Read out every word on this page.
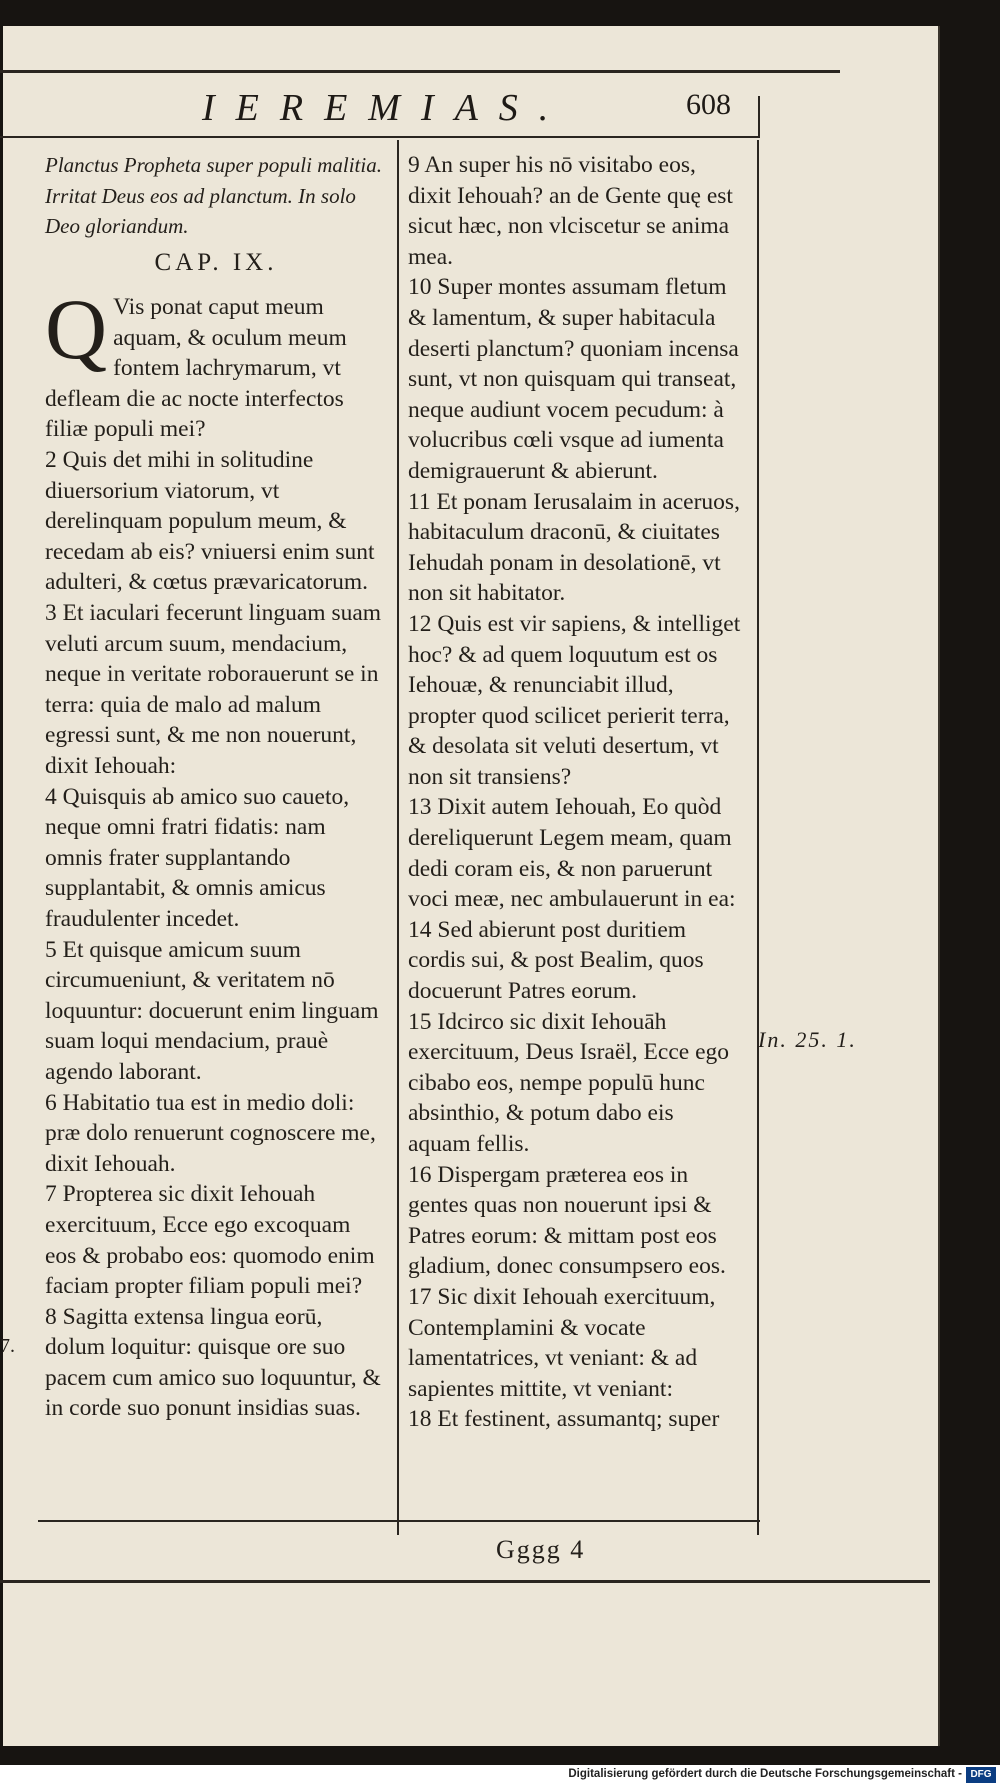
IEREMIAS.	608

Planctus Propheta super populi malitia. Irritat Deus eos ad planctum. In solo Deo gloriandum.

CAP. IX.

Q Vis ponat caput meum aquam, & oculum meum fontem lachrymarum, vt defleam die ac nocte interfectos filiæ populi mei?

2 Quis det mihi in solitudine diuersorium viatorum, vt derelinquam populum meum, & recedam ab eis? vniuersi enim sunt adulteri, & cœtus prævaricatorum.

3 Et iaculari fecerunt linguam suam veluti arcum suum, mendacium, neque in veritate roborauerunt se in terra: quia de malo ad malum egressi sunt, & me non nouerunt, dixit Iehouah:

4 Quisquis ab amico suo caueto, neque omni fratri fidatis: nam omnis frater supplantando supplantabit, & omnis amicus fraudulenter incedet.

5 Et quisque amicum suum circumueniunt, & veritatem nō loquuntur: docuerunt enim linguam suam loqui mendacium, prauè agendo laborant.

6 Habitatio tua est in medio doli: præ dolo renuerunt cognoscere me, dixit Iehouah.

7 Propterea sic dixit Iehouah exercituum, Ecce ego excoquam eos & probabo eos: quomodo enim faciam propter filiam populi mei?

8 Sagitta extensa lingua eorū, dolum loquitur: quisque ore suo pacem cum amico suo loquuntur, & in corde suo ponunt insidias suas.

9 An super his nō visitabo eos, dixit Iehouah? an de Gente quę est sicut hæc, non vlciscetur se anima mea.

10 Super montes assumam fletum & lamentum, & super habitacula deserti planctum? quoniam incensa sunt, vt non quisquam qui transeat, neque audiunt vocem pecudum: à volucribus cœli vsque ad iumenta demigrauerunt & abierunt.

11 Et ponam Ierusalaim in aceruos, habitaculum draconū, & ciuitates Iehudah ponam in desolationē, vt non sit habitator.

12 Quis est vir sapiens, & intelliget hoc? & ad quem loquutum est os Iehouæ, & renunciabit illud, propter quod scilicet perierit terra, & desolata sit veluti desertum, vt non sit transiens?

13 Dixit autem Iehouah, Eo quòd dereliquerunt Legem meam, quam dedi coram eis, & non paruerunt voci meæ, nec ambulauerunt in ea:

14 Sed abierunt post duritiem cordis sui, & post Bealim, quos docuerunt Patres eorum.

15 Idcirco sic dixit Iehouāh exercituum, Deus Israël, Ecce ego cibabo eos, nempe populū hunc absinthio, & potum dabo eis aquam fellis.

16 Dispergam præterea eos in gentes quas non nouerunt ipsi & Patres eorum: & mittam post eos gladium, donec consumpsero eos.

17 Sic dixit Iehouah exercituum, Contemplamini & vocate lamentatrices, vt veniant: & ad sapientes mittite, vt veniant:

18 Et festinent, assumantq; super

In. 25. 1.
7.
Gggg 4
Digitalisierung gefördert durch die Deutsche Forschungsgemeinschaft - DFG
